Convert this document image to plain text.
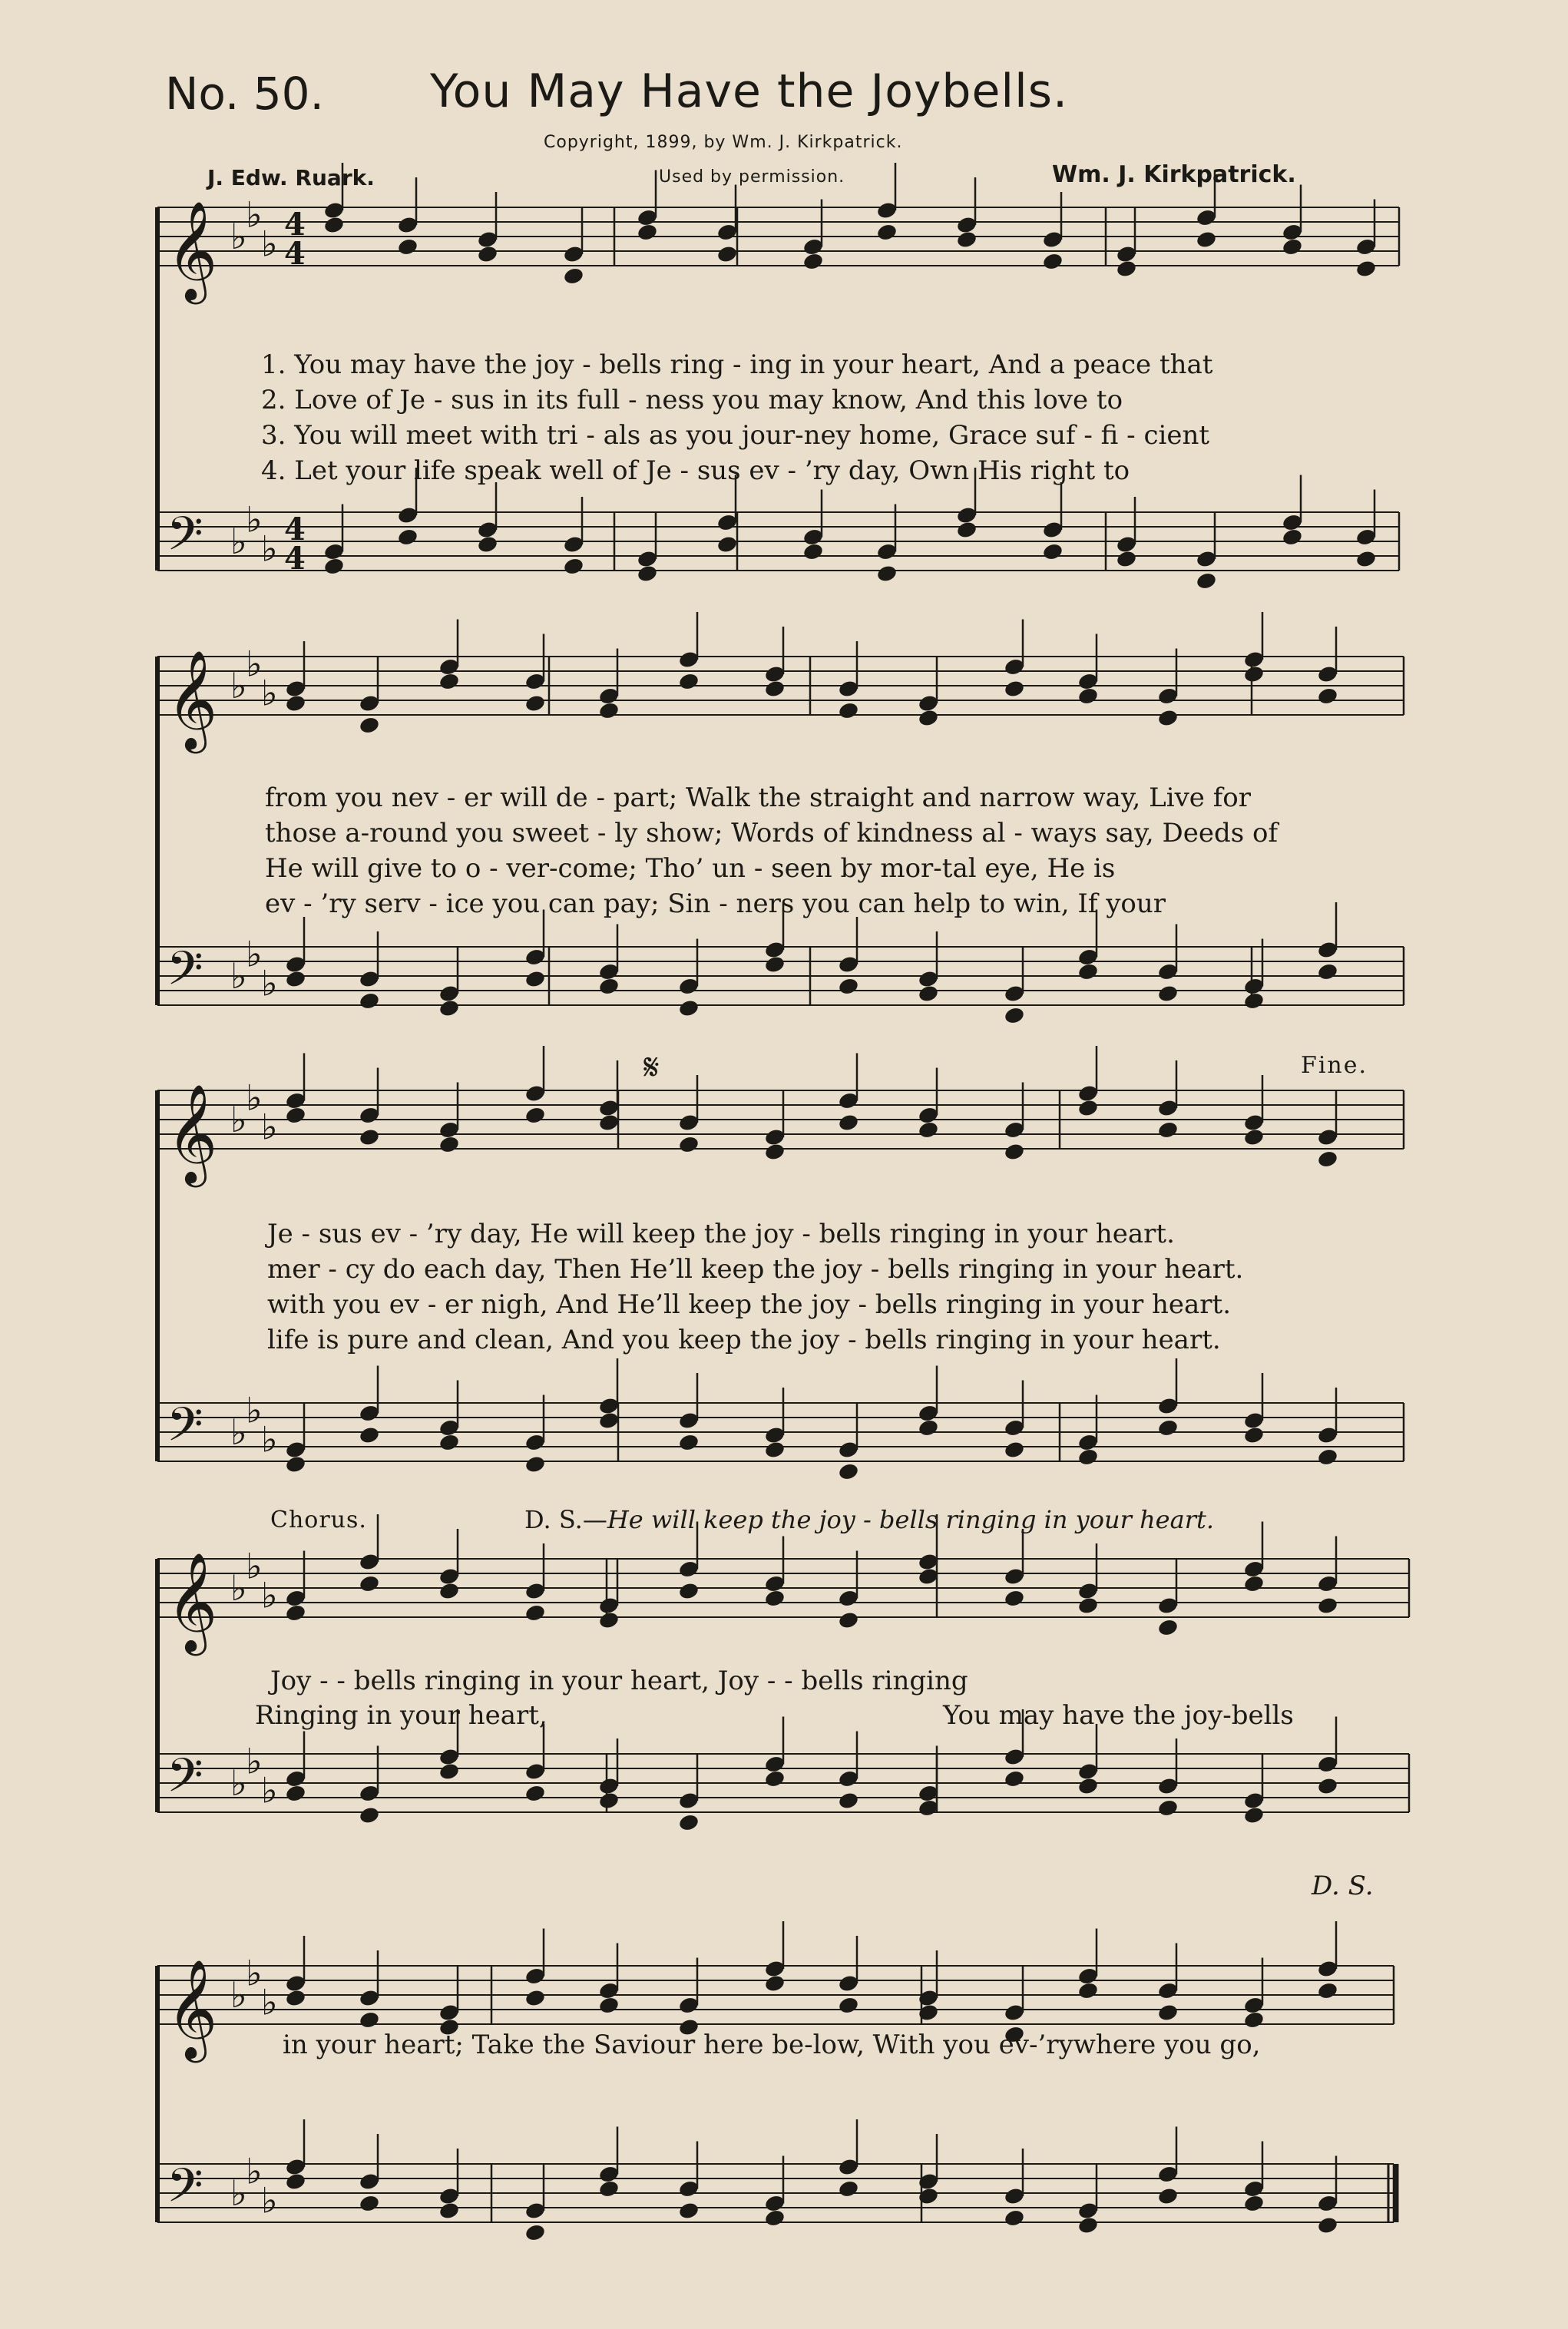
No. 50. You May Have the Joybells.
Copyright, 1899, by Wm. J. Kirkpatrick.
J. Edw. Ruark.	Used by permission.	Wm. J. Kirkpatrick.
𝄞 ♭
♭
♭ 4
4
𝄢 ♭
♭
♭ 4
4
𝄞 ♭
♭
♭
𝄢 ♭
♭
♭
𝄞 ♭
♭
♭
𝄢 ♭
♭
♭
𝄞 ♭
♭
♭
𝄢 ♭
♭
♭
𝄞 ♭
♭
♭
𝄢 ♭
♭
♭
1. You may have the joy - bells ring - ing in your heart, And a peace that
2. Love of Je - sus in its full - ness you may know, And this love to
3. You will meet with tri - als as you jour-ney home, Grace suf - fi - cient
4. Let your life speak well of Je - sus ev - ’ry day, Own His right to
from you nev - er will de - part; Walk the straight and narrow way, Live for
those a-round you sweet - ly show; Words of kindness al - ways say, Deeds of
He will give to o - ver-come; Tho’ un - seen by mor-tal eye, He is
ev - ’ry serv - ice you can pay; Sin - ners you can help to win, If your
Je - sus ev - ’ry day, He will keep the joy - bells ringing in your heart.
mer - cy do each day, Then He’ll keep the joy - bells ringing in your heart.
with you ev - er nigh, And He’ll keep the joy - bells ringing in your heart.
life is pure and clean, And you keep the joy - bells ringing in your heart.
𝄋	Fine.
Chorus.	D. S.—He will keep the joy - bells ringing in your heart.
Joy - - bells ringing in your heart, Joy - - bells ringing
Ringing in your heart,	You may have the joy-bells
D. S.
in your heart; Take the Saviour here be-low, With you ev-’rywhere you go,
